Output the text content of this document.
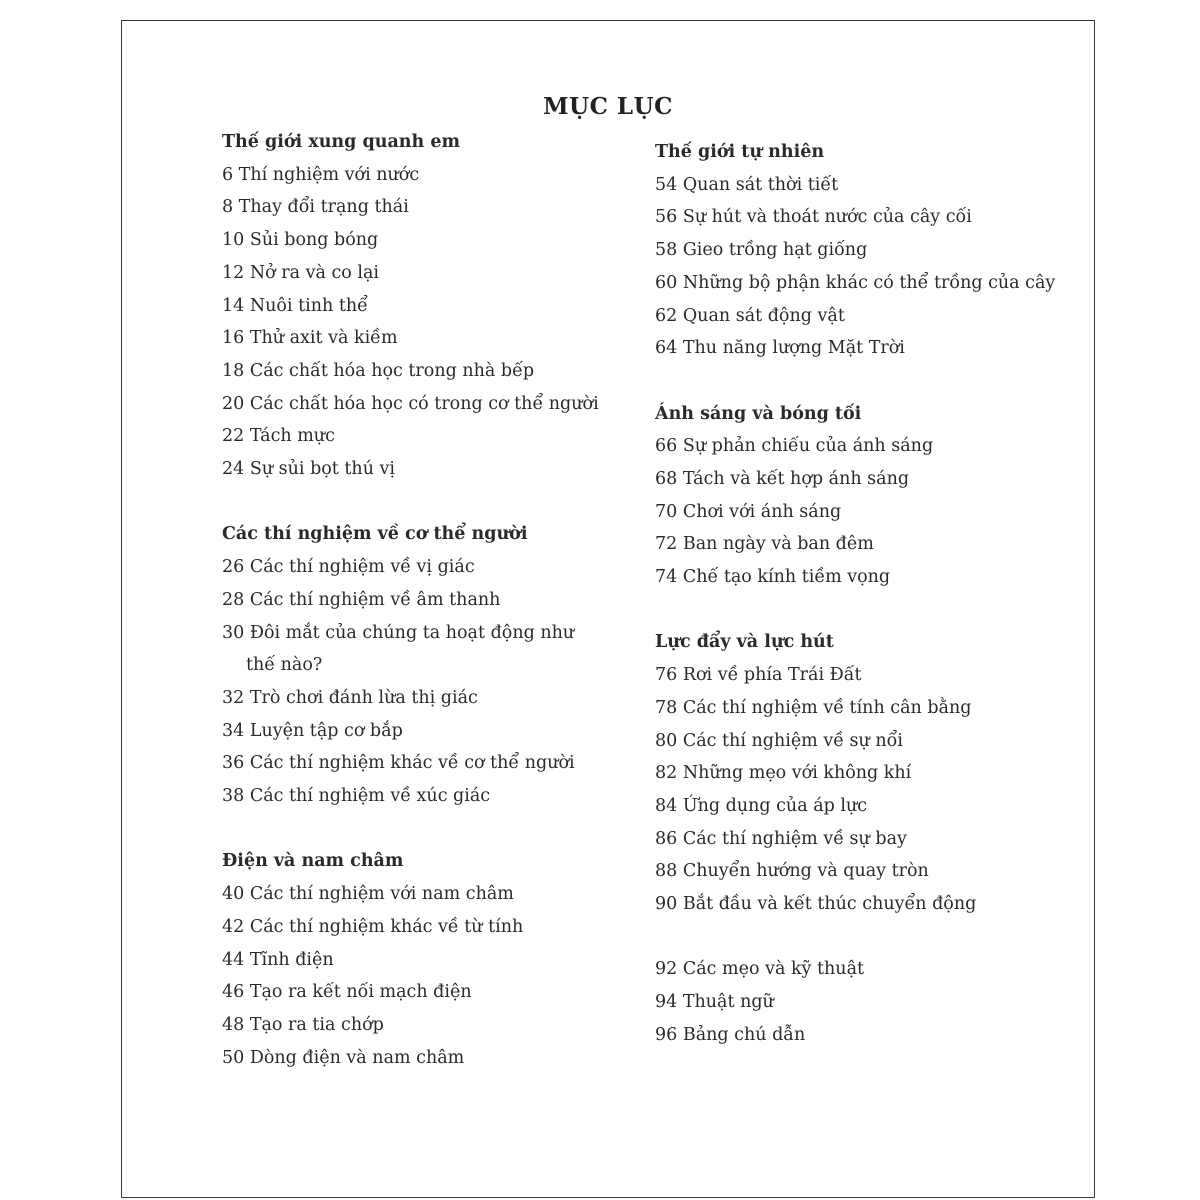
MỤC LỤC
Thế giới xung quanh em
6 Thí nghiệm với nước
8 Thay đổi trạng thái
10 Sủi bong bóng
12 Nở ra và co lại
14 Nuôi tinh thể
16 Thử axit và kiềm
18 Các chất hóa học trong nhà bếp
20 Các chất hóa học có trong cơ thể người
22 Tách mực
24 Sự sủi bọt thú vị
Các thí nghiệm về cơ thể người
26 Các thí nghiệm về vị giác
28 Các thí nghiệm về âm thanh
30 Đôi mắt của chúng ta hoạt động như thế nào?
32 Trò chơi đánh lừa thị giác
34 Luyện tập cơ bắp
36 Các thí nghiệm khác về cơ thể người
38 Các thí nghiệm về xúc giác
Điện và nam châm
40 Các thí nghiệm với nam châm
42 Các thí nghiệm khác về từ tính
44 Tĩnh điện
46 Tạo ra kết nối mạch điện
48 Tạo ra tia chớp
50 Dòng điện và nam châm
Thế giới tự nhiên
54 Quan sát thời tiết
56 Sự hút và thoát nước của cây cối
58 Gieo trồng hạt giống
60 Những bộ phận khác có thể trồng của cây
62 Quan sát động vật
64 Thu năng lượng Mặt Trời
Ánh sáng và bóng tối
66 Sự phản chiếu của ánh sáng
68 Tách và kết hợp ánh sáng
70 Chơi với ánh sáng
72 Ban ngày và ban đêm
74 Chế tạo kính tiềm vọng
Lực đẩy và lực hút
76 Rơi về phía Trái Đất
78 Các thí nghiệm về tính cân bằng
80 Các thí nghiệm về sự nổi
82 Những mẹo với không khí
84 Ứng dụng của áp lực
86 Các thí nghiệm về sự bay
88 Chuyển hướng và quay tròn
90 Bắt đầu và kết thúc chuyển động
92 Các mẹo và kỹ thuật
94 Thuật ngữ
96 Bảng chú dẫn
